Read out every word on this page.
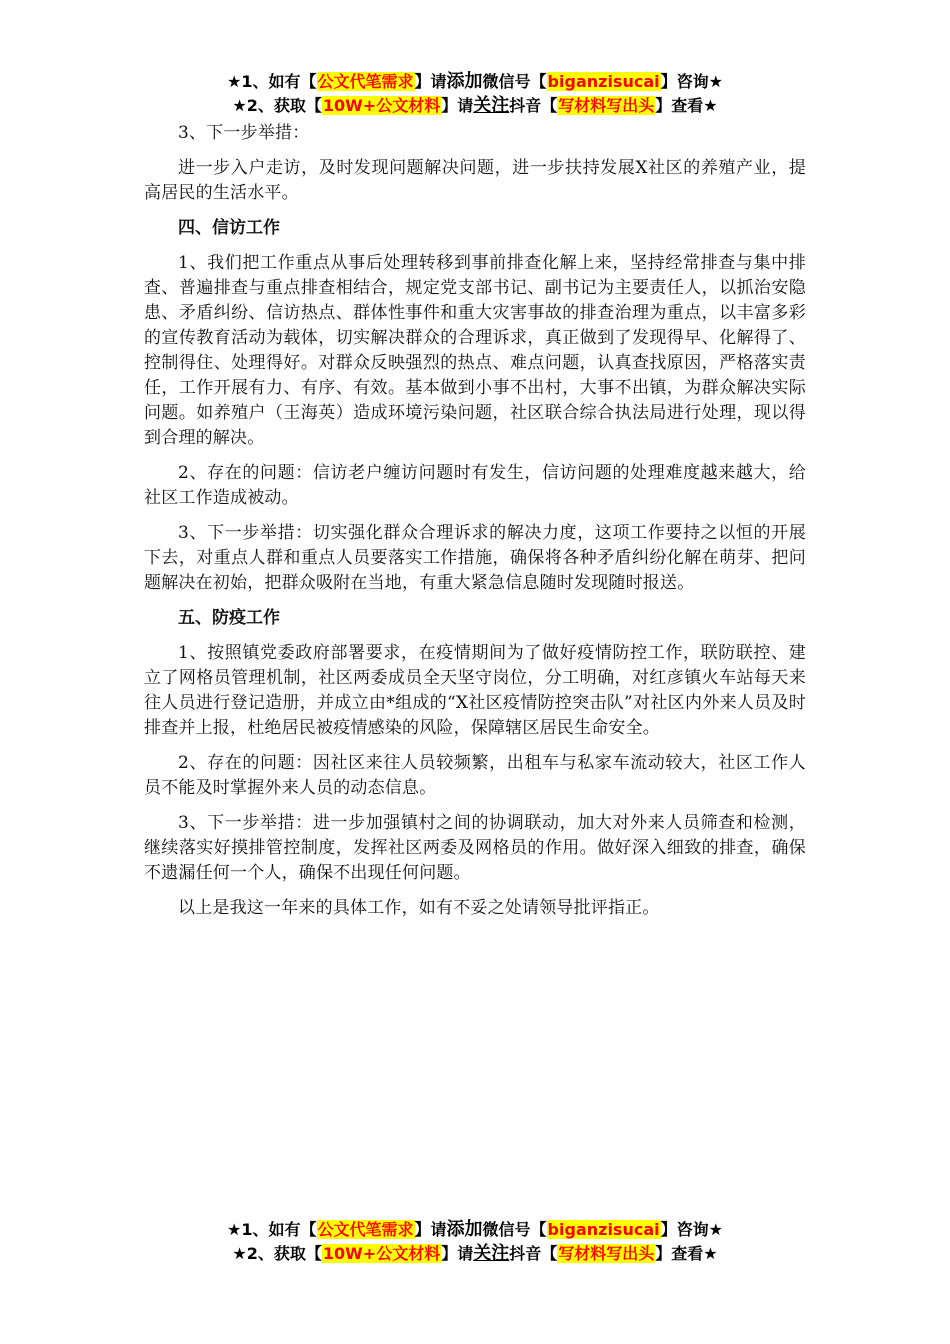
★1、如有【公文代笔需求】请添加微信号【biganzisucai】咨询★
★2、获取【10W+公文材料】请关注抖音【写材料写出头】查看★

3、下一步举措：

进一步入户走访，及时发现问题解决问题，进一步扶持发展X社区的养殖产业，提高居民的生活水平。

四、信访工作

1、我们把工作重点从事后处理转移到事前排查化解上来，坚持经常排查与集中排查、普遍排查与重点排查相结合，规定党支部书记、副书记为主要责任人，以抓治安隐患、矛盾纠纷、信访热点、群体性事件和重大灾害事故的排查治理为重点，以丰富多彩的宣传教育活动为载体，切实解决群众的合理诉求，真正做到了发现得早、化解得了、控制得住、处理得好。对群众反映强烈的热点、难点问题，认真查找原因，严格落实责任，工作开展有力、有序、有效。基本做到小事不出村，大事不出镇，为群众解决实际问题。如养殖户（王海英）造成环境污染问题，社区联合综合执法局进行处理，现以得到合理的解决。

2、存在的问题：信访老户缠访问题时有发生，信访问题的处理难度越来越大，给社区工作造成被动。

3、下一步举措：切实强化群众合理诉求的解决力度，这项工作要持之以恒的开展下去，对重点人群和重点人员要落实工作措施，确保将各种矛盾纠纷化解在萌芽、把问题解决在初始，把群众吸附在当地，有重大紧急信息随时发现随时报送。

五、防疫工作

1、按照镇党委政府部署要求，在疫情期间为了做好疫情防控工作，联防联控、建立了网格员管理机制，社区两委成员全天坚守岗位，分工明确，对红彦镇火车站每天来往人员进行登记造册，并成立由*组成的“X社区疫情防控突击队”对社区内外来人员及时排查并上报，杜绝居民被疫情感染的风险，保障辖区居民生命安全。

2、存在的问题：因社区来往人员较频繁，出租车与私家车流动较大，社区工作人员不能及时掌握外来人员的动态信息。

3、下一步举措：进一步加强镇村之间的协调联动，加大对外来人员筛查和检测，继续落实好摸排管控制度，发挥社区两委及网格员的作用。做好深入细致的排查，确保不遗漏任何一个人，确保不出现任何问题。

以上是我这一年来的具体工作，如有不妥之处请领导批评指正。

★1、如有【公文代笔需求】请添加微信号【biganzisucai】咨询★
★2、获取【10W+公文材料】请关注抖音【写材料写出头】查看★
